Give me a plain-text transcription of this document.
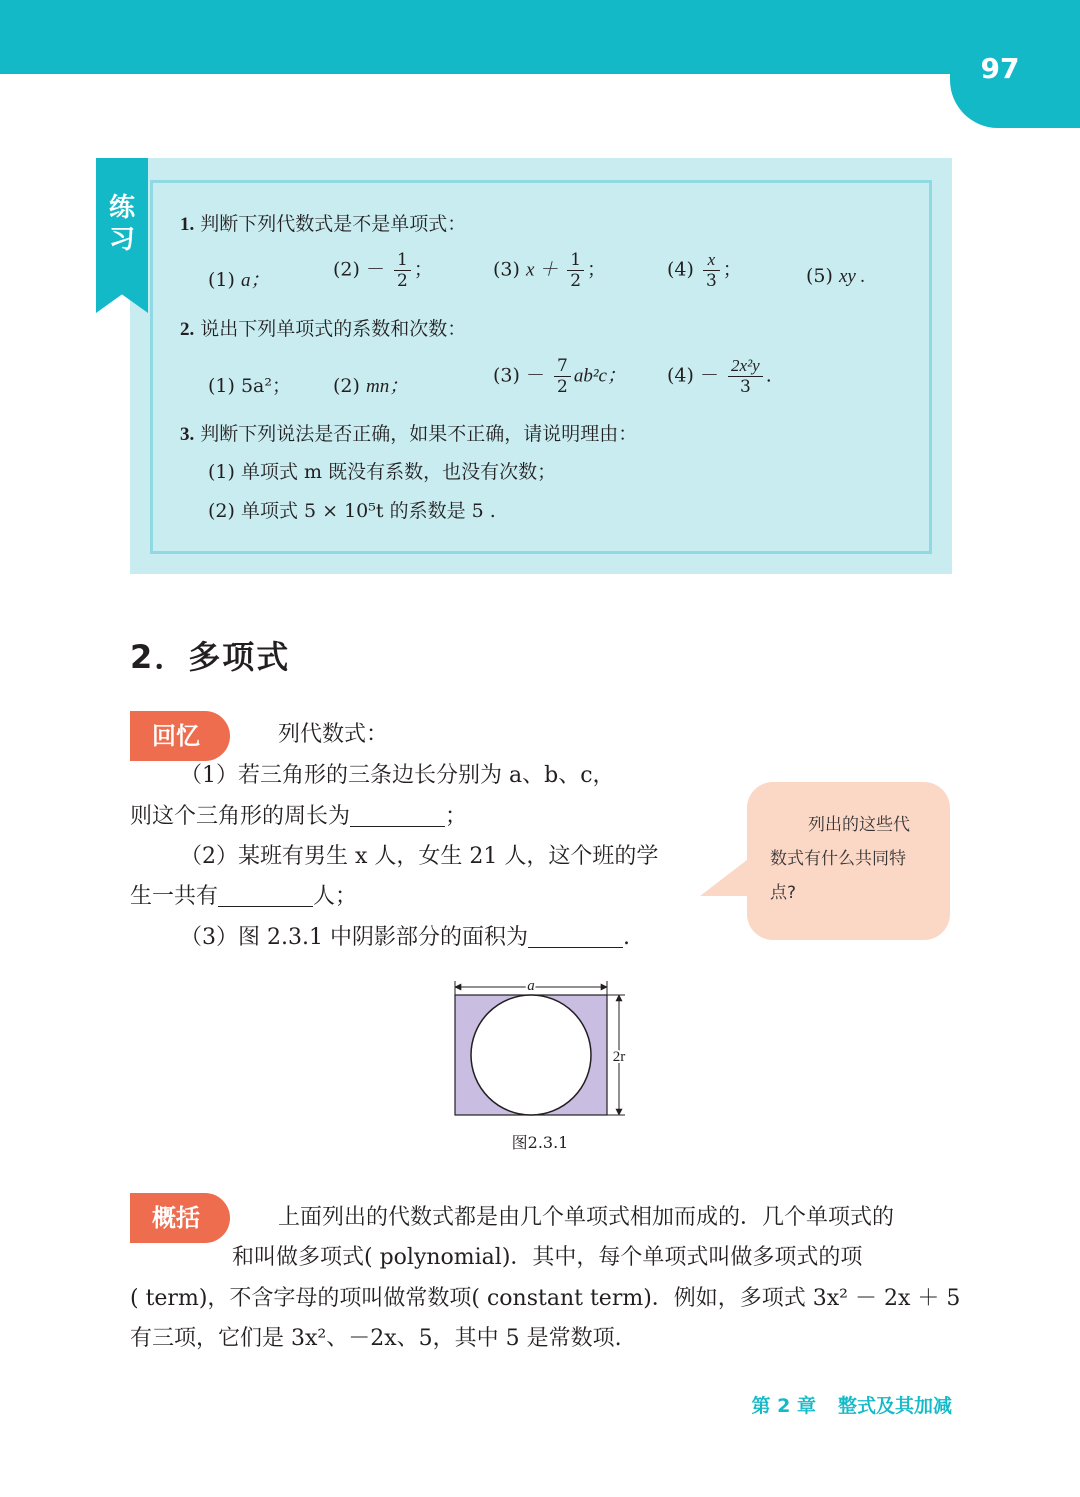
97
练
习
1. 判断下列代数式是不是单项式：
(1) a；	$(2) - \frac{1}{2}$ ；	(3) $x + \frac{1}{2}$ ；	$(4) \frac{x}{3}$ ；	(5) xy .
2. 说出下列单项式的系数和次数：
(1) 5a²； (2) mn；	$(3) - \frac{7}{2} ab^2c$； $(4) - \frac{\text{2x²y}}{3}$ .
3. 判断下列说法是否正确，如果不正确，请说明理由：
(1) 单项式 m 既没有系数，也没有次数；
(2) 单项式 5 × 10⁵t 的系数是 5 .
2．多项式
回忆	列代数式：
（1）若三角形的三条边长分别为 a、b、c，
则这个三角形的周长为	；
（2）某班有男生 x 人，女生 21 人，这个班的学
生一共有	人；
（3）图 2.3.1 中阴影部分的面积为	.
列出的这些代
数式有什么共同特
点?
a
2r
图2.3.1
概括	上面列出的代数式都是由几个单项式相加而成的．几个单项式的
和叫做多项式( polynomial)．其中，每个单项式叫做多项式的项
( term)，不含字母的项叫做常数项( constant term)．例如，多项式 3x² － 2x ＋ 5
有三项，它们是 3x²、－2x、5，其中 5 是常数项.
第 2 章 整式及其加减
